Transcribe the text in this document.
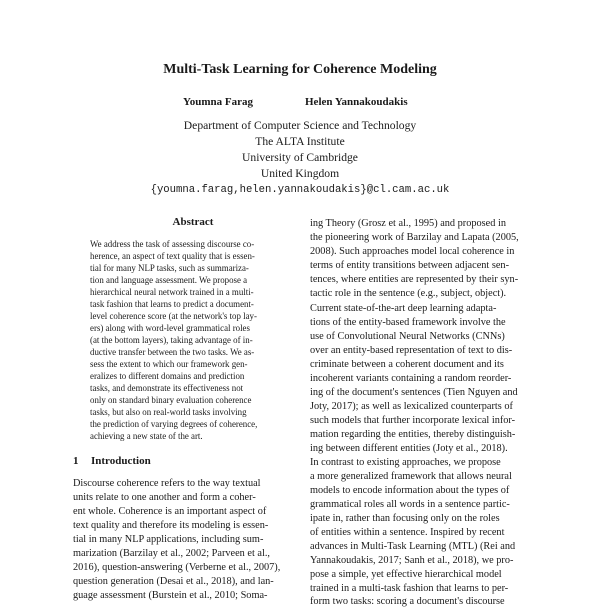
Multi-Task Learning for Coherence Modeling
Youmna Farag	Helen Yannakoudakis
Department of Computer Science and Technology
The ALTA Institute
University of Cambridge
United Kingdom
{youmna.farag,helen.yannakoudakis}@cl.cam.ac.uk
Abstract
We address the task of assessing discourse co-
herence, an aspect of text quality that is essen-
tial for many NLP tasks, such as summariza-
tion and language assessment. We propose a
hierarchical neural network trained in a multi-
task fashion that learns to predict a document-
level coherence score (at the network's top lay-
ers) along with word-level grammatical roles
(at the bottom layers), taking advantage of in-
ductive transfer between the two tasks. We as-
sess the extent to which our framework gen-
eralizes to different domains and prediction
tasks, and demonstrate its effectiveness not
only on standard binary evaluation coherence
tasks, but also on real-world tasks involving
the prediction of varying degrees of coherence,
achieving a new state of the art.
1 Introduction
Discourse coherence refers to the way textual
units relate to one another and form a coher-
ent whole. Coherence is an important aspect of
text quality and therefore its modeling is essen-
tial in many NLP applications, including sum-
marization (Barzilay et al., 2002; Parveen et al.,
2016), question-answering (Verberne et al., 2007),
question generation (Desai et al., 2018), and lan-
guage assessment (Burstein et al., 2010; Soma-
ing Theory (Grosz et al., 1995) and proposed in
the pioneering work of Barzilay and Lapata (2005,
2008). Such approaches model local coherence in
terms of entity transitions between adjacent sen-
tences, where entities are represented by their syn-
tactic role in the sentence (e.g., subject, object).
Current state-of-the-art deep learning adapta-
tions of the entity-based framework involve the
use of Convolutional Neural Networks (CNNs)
over an entity-based representation of text to dis-
criminate between a coherent document and its
incoherent variants containing a random reorder-
ing of the document's sentences (Tien Nguyen and
Joty, 2017); as well as lexicalized counterparts of
such models that further incorporate lexical infor-
mation regarding the entities, thereby distinguish-
ing between different entities (Joty et al., 2018).
In contrast to existing approaches, we propose
a more generalized framework that allows neural
models to encode information about the types of
grammatical roles all words in a sentence partic-
ipate in, rather than focusing only on the roles
of entities within a sentence. Inspired by recent
advances in Multi-Task Learning (MTL) (Rei and
Yannakoudakis, 2017; Sanh et al., 2018), we pro-
pose a simple, yet effective hierarchical model
trained in a multi-task fashion that learns to per-
form two tasks: scoring a document's discourse
